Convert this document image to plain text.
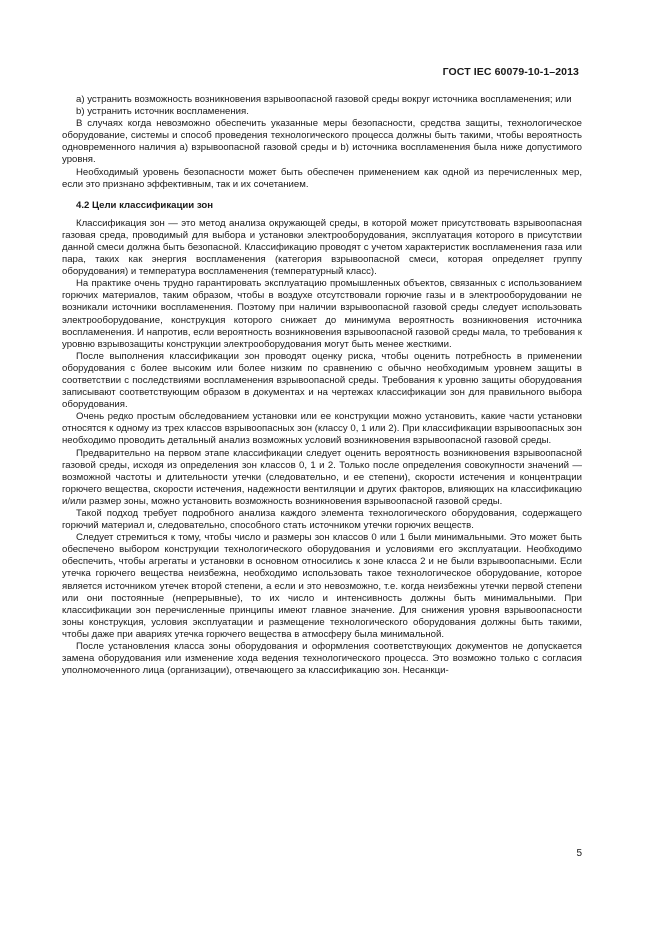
ГОСТ IEC 60079-10-1–2013

a) устранить возможность возникновения взрывоопасной газовой среды вокруг источника воспламенения; или

b) устранить источник воспламенения.

В случаях когда невозможно обеспечить указанные меры безопасности, средства защиты, технологическое оборудование, системы и способ проведения технологического процесса должны быть такими, чтобы вероятность одновременного наличия a) взрывоопасной газовой среды и b) источника воспламенения была ниже допустимого уровня.

Необходимый уровень безопасности может быть обеспечен применением как одной из перечисленных мер, если это признано эффективным, так и их сочетанием.

4.2 Цели классификации зон

Классификация зон — это метод анализа окружающей среды, в которой может присутствовать взрывоопасная газовая среда, проводимый для выбора и установки электрооборудования, эксплуатация которого в присутствии данной смеси должна быть безопасной. Классификацию проводят с учетом характеристик воспламенения газа или пара, таких как энергия воспламенения (категория взрывоопасной смеси, которая определяет группу оборудования) и температура воспламенения (температурный класс).

На практике очень трудно гарантировать эксплуатацию промышленных объектов, связанных с использованием горючих материалов, таким образом, чтобы в воздухе отсутствовали горючие газы и в электрооборудовании не возникали источники воспламенения. Поэтому при наличии взрывоопасной газовой среды следует использовать электрооборудование, конструкция которого снижает до минимума вероятность возникновения источника воспламенения. И напротив, если вероятность возникновения взрывоопасной газовой среды мала, то требования к уровню взрывозащиты конструкции электрооборудования могут быть менее жесткими.

После выполнения классификации зон проводят оценку риска, чтобы оценить потребность в применении оборудования с более высоким или более низким по сравнению с обычно необходимым уровнем защиты в соответствии с последствиями воспламенения взрывоопасной среды. Требования к уровню защиты оборудования записывают соответствующим образом в документах и на чертежах классификации зон для правильного выбора оборудования.

Очень редко простым обследованием установки или ее конструкции можно установить, какие части установки относятся к одному из трех классов взрывоопасных зон (классу 0, 1 или 2). При классификации взрывоопасных зон необходимо проводить детальный анализ возможных условий возникновения взрывоопасной газовой среды.

Предварительно на первом этапе классификации следует оценить вероятность возникновения взрывоопасной газовой среды, исходя из определения зон классов 0, 1 и 2. Только после определения совокупности значений — возможной частоты и длительности утечки (следовательно, и ее степени), скорости истечения и концентрации горючего вещества, скорости истечения, надежности вентиляции и других факторов, влияющих на классификацию и/или размер зоны, можно установить возможность возникновения взрывоопасной газовой среды.

Такой подход требует подробного анализа каждого элемента технологического оборудования, содержащего горючий материал и, следовательно, способного стать источником утечки горючих веществ.

Следует стремиться к тому, чтобы число и размеры зон классов 0 или 1 были минимальными. Это может быть обеспечено выбором конструкции технологического оборудования и условиями его эксплуатации. Необходимо обеспечить, чтобы агрегаты и установки в основном относились к зоне класса 2 и не были взрывоопасными. Если утечка горючего вещества неизбежна, необходимо использовать такое технологическое оборудование, которое является источником утечек второй степени, а если и это невозможно, т.е. когда неизбежны утечки первой степени или они постоянные (непрерывные), то их число и интенсивность должны быть минимальными. При классификации зон перечисленные принципы имеют главное значение. Для снижения уровня взрывоопасности зоны конструкция, условия эксплуатации и размещение технологического оборудования должны быть такими, чтобы даже при авариях утечка горючего вещества в атмосферу была минимальной.

После установления класса зоны оборудования и оформления соответствующих документов не допускается замена оборудования или изменение хода ведения технологического процесса. Это возможно только с согласия уполномоченного лица (организации), отвечающего за классификацию зон. Несанкци-

5
